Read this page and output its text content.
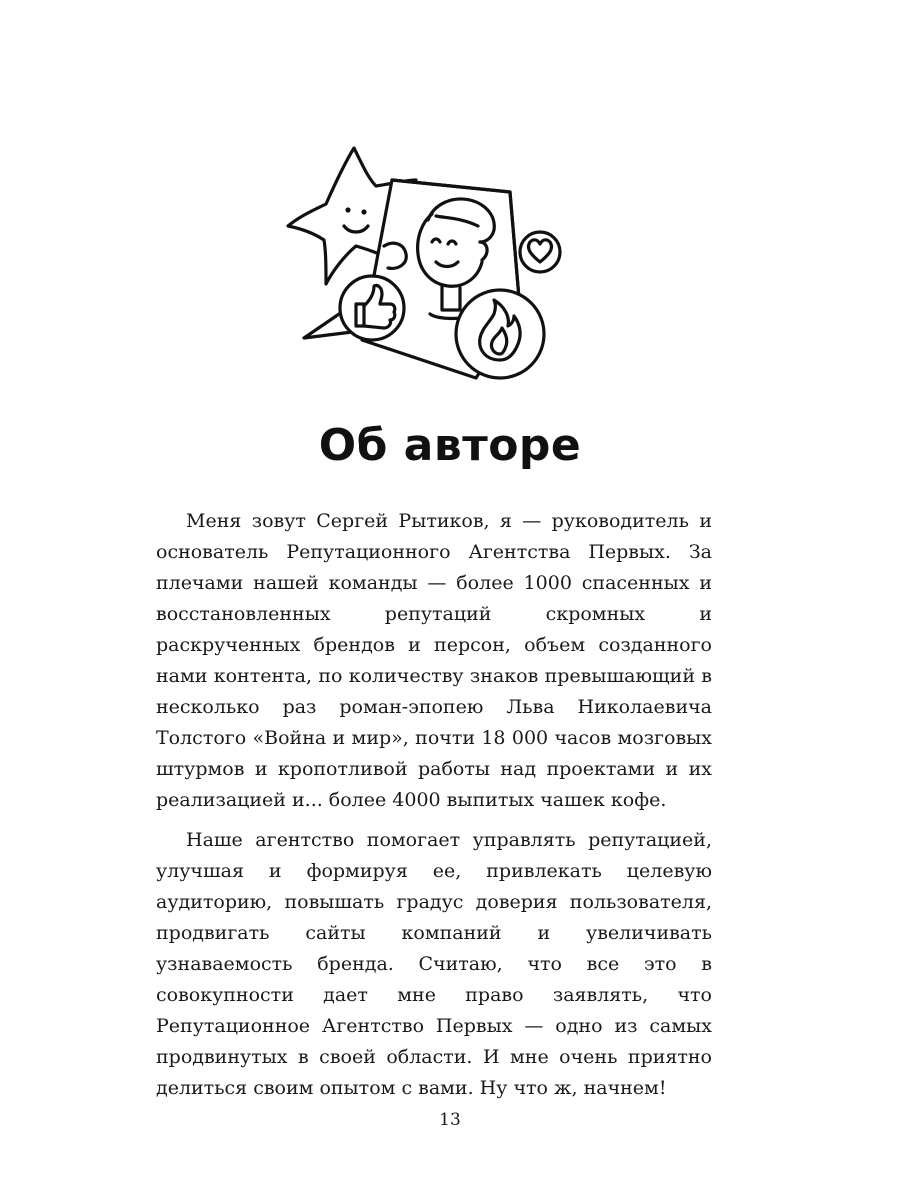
Об авторе

Меня зовут Сергей Рытиков, я — руководитель и основатель Репутационного Агентства Первых. За плечами нашей команды — более 1000 спасенных и восстановленных репутаций скромных и раскрученных брендов и персон, объем созданного нами контента, по количеству знаков превышающий в несколько раз роман-эпопею Льва Николаевича Толстого «Война и мир», почти 18 000 часов мозговых штурмов и кропотливой работы над проектами и их реализацией и... более 4000 выпитых чашек кофе.

Наше агентство помогает управлять репутацией, улучшая и формируя ее, привлекать целевую аудиторию, повышать градус доверия пользователя, продвигать сайты компаний и увеличивать узнаваемость бренда. Считаю, что все это в совокупности дает мне право заявлять, что Репутационное Агентство Первых — одно из самых продвинутых в своей области. И мне очень приятно делиться своим опытом с вами. Ну что ж, начнем!

13
